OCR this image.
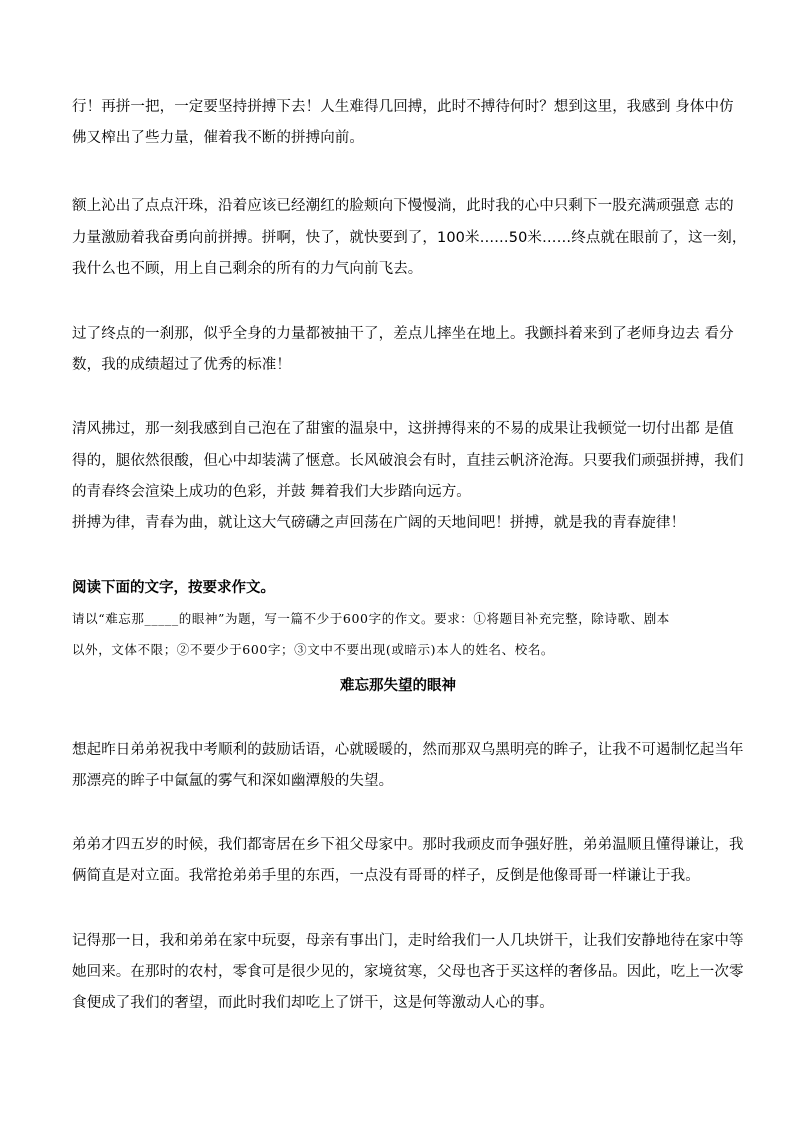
行！再拼一把，一定要坚持拼搏下去！人生难得几回搏，此时不搏待何时？想到这里，我感到 身体中仿
佛又榨出了些力量，催着我不断的拼搏向前。
额上沁出了点点汗珠，沿着应该已经潮红的脸颊向下慢慢淌，此时我的心中只剩下一股充满顽强意 志的
力量激励着我奋勇向前拼搏。拼啊，快了，就快要到了，100米……50米……终点就在眼前了，这一刻，
我什么也不顾，用上自己剩余的所有的力气向前飞去。
过了终点的一刹那，似乎全身的力量都被抽干了，差点儿摔坐在地上。我颤抖着来到了老师身边去 看分
数，我的成绩超过了优秀的标准！
清风拂过，那一刻我感到自己泡在了甜蜜的温泉中，这拼搏得来的不易的成果让我顿觉一切付出都 是值
得的，腿依然很酸，但心中却装满了惬意。长风破浪会有时，直挂云帆济沧海。只要我们顽强拼搏，我们
的青春终会渲染上成功的色彩，并鼓 舞着我们大步踏向远方。
拼搏为律，青春为曲，就让这大气磅礴之声回荡在广阔的天地间吧！拼搏，就是我的青春旋律！
阅读下面的文字，按要求作文。
请以“难忘那_____的眼神”为题，写一篇不少于600字的作文。要求：①将题目补充完整，除诗歌、剧本
以外，文体不限；②不要少于600字；③文中不要出现(或暗示)本人的姓名、校名。
难忘那失望的眼神
想起昨日弟弟祝我中考顺利的鼓励话语，心就暖暖的，然而那双乌黑明亮的眸子，让我不可遏制忆起当年
那漂亮的眸子中氤氲的雾气和深如幽潭般的失望。
弟弟才四五岁的时候，我们都寄居在乡下祖父母家中。那时我顽皮而争强好胜，弟弟温顺且懂得谦让，我
俩简直是对立面。我常抢弟弟手里的东西，一点没有哥哥的样子，反倒是他像哥哥一样谦让于我。
记得那一日，我和弟弟在家中玩耍，母亲有事出门，走时给我们一人几块饼干，让我们安静地待在家中等
她回来。在那时的农村，零食可是很少见的，家境贫寒，父母也吝于买这样的奢侈品。因此，吃上一次零
食便成了我们的奢望，而此时我们却吃上了饼干，这是何等激动人心的事。
